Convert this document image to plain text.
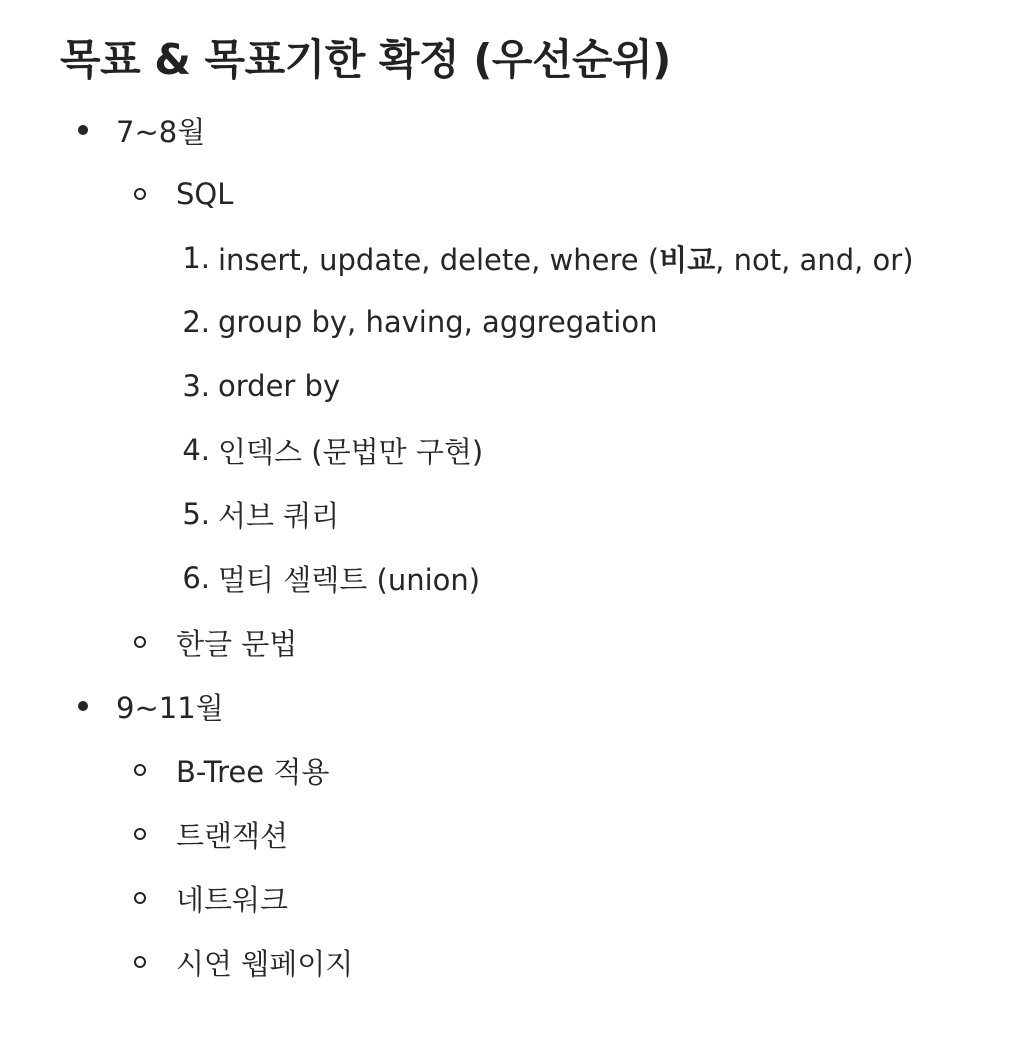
목표 & 목표기한 확정 (우선순위)
7~8월
SQL
1. insert, update, delete, where (비교, not, and, or)
2. group by, having, aggregation
3. order by
4. 인덱스 (문법만 구현)
5. 서브 쿼리
6. 멀티 셀렉트 (union)
한글 문법
9~11월
B-Tree 적용
트랜잭션
네트워크
시연 웹페이지
